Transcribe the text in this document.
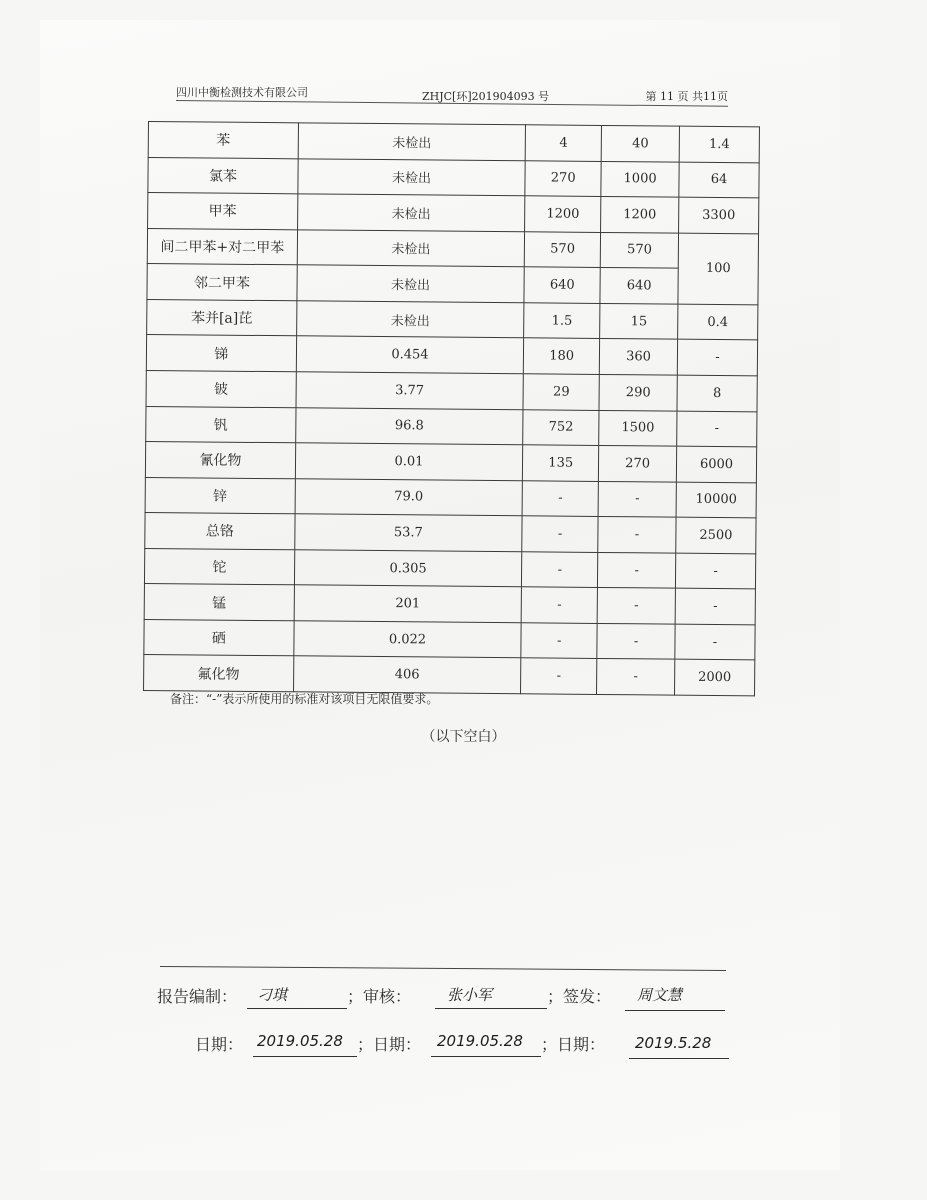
四川中衡检测技术有限公司	ZHJC[环]201904093 号	第 11 页 共11页
苯	未检出	4	40	1.4
氯苯	未检出	270	1000	64
甲苯	未检出	1200	1200	3300
间二甲苯+对二甲苯	未检出	570	570	100
邻二甲苯	未检出	640	640	
苯并[a]芘	未检出	1.5	15	0.4
锑	0.454	180	360	-
铍	3.77	29	290	8
钒	96.8	752	1500	-
氰化物	0.01	135	270	6000
锌	79.0	-	-	10000
总铬	53.7	-	-	2500
铊	0.305	-	-	-
锰	201	-	-	-
硒	0.022	-	-	-
氟化物	406	-	-	2000
备注：“-”表示所使用的标准对该项目无限值要求。
（以下空白）
报告编制： 刁琪	；审核： 张小军	；签发： 周文慧
日期： 2019.05.28 ；日期： 2019.05.28 ；日期： 2019.5.28
